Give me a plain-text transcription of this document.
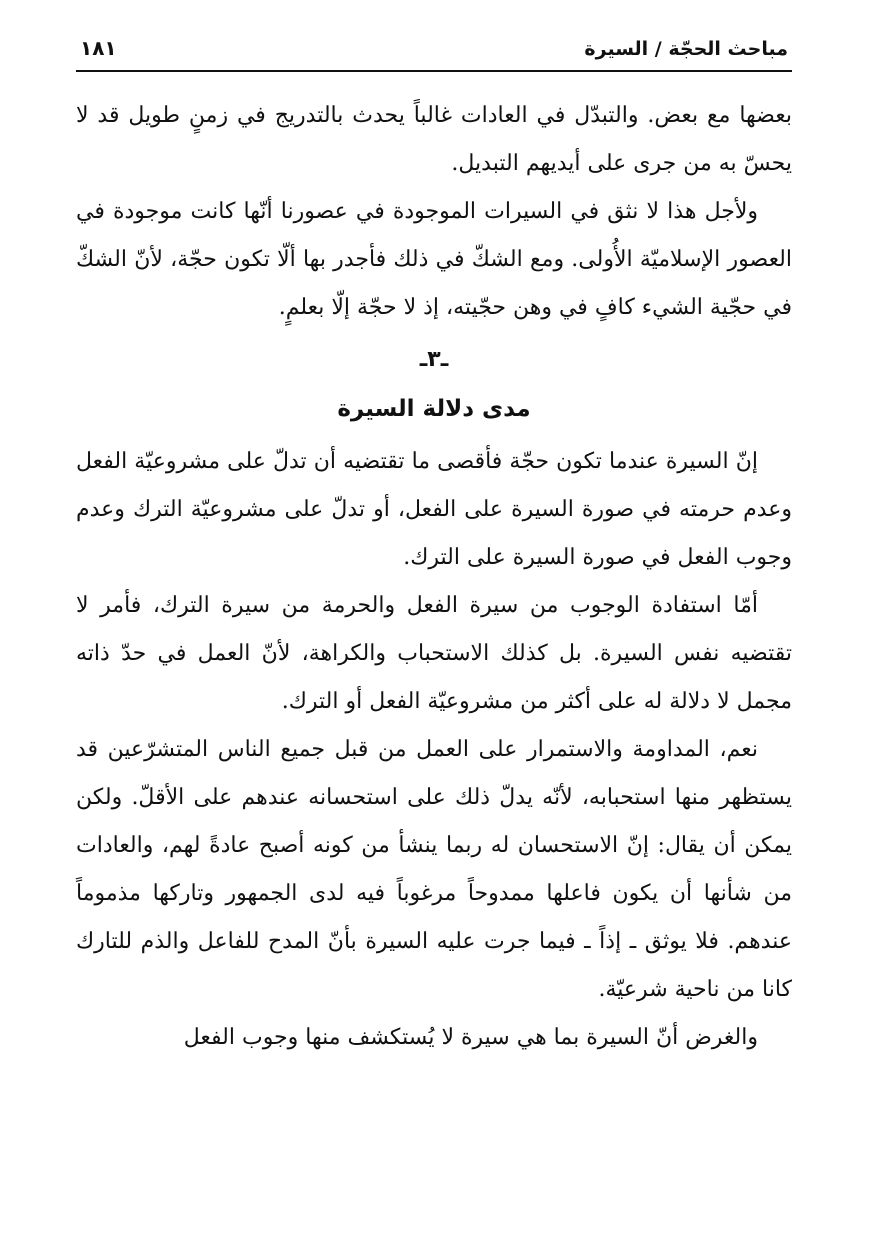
مباحث الحجّة / السيرة
١٨١

بعضها مع بعض. والتبدّل في العادات غالباً يحدث بالتدريج في زمنٍ طويل قد لا يحسّ به من جرى على أيديهم التبديل.

ولأجل هذا لا نثق في السيرات الموجودة في عصورنا أنّها كانت موجودة في العصور الإسلاميّة الأُولى. ومع الشكّ في ذلك فأجدر بها ألّا تكون حجّة، لأنّ الشكّ في حجّية الشيء كافٍ في وهن حجّيته، إذ لا حجّة إلّا بعلمٍ.

ـ٣ـ
مدى دلالة السيرة

إنّ السيرة عندما تكون حجّة فأقصى ما تقتضيه أن تدلّ على مشروعيّة الفعل وعدم حرمته في صورة السيرة على الفعل، أو تدلّ على مشروعيّة الترك وعدم وجوب الفعل في صورة السيرة على الترك.

أمّا استفادة الوجوب من سيرة الفعل والحرمة من سيرة الترك، فأمر لا تقتضيه نفس السيرة. بل كذلك الاستحباب والكراهة، لأنّ العمل في حدّ ذاته مجمل لا دلالة له على أكثر من مشروعيّة الفعل أو الترك.

نعم، المداومة والاستمرار على العمل من قبل جميع الناس المتشرّعين قد يستظهر منها استحبابه، لأنّه يدلّ ذلك على استحسانه عندهم على الأقلّ. ولكن يمكن أن يقال: إنّ الاستحسان له ربما ينشأ من كونه أصبح عادةً لهم، والعادات من شأنها أن يكون فاعلها ممدوحاً مرغوباً فيه لدى الجمهور وتاركها مذموماً عندهم. فلا يوثق ـ إذاً ـ فيما جرت عليه السيرة بأنّ المدح للفاعل والذم للتارك كانا من ناحية شرعيّة.

والغرض أنّ السيرة بما هي سيرة لا يُستكشف منها وجوب الفعل
